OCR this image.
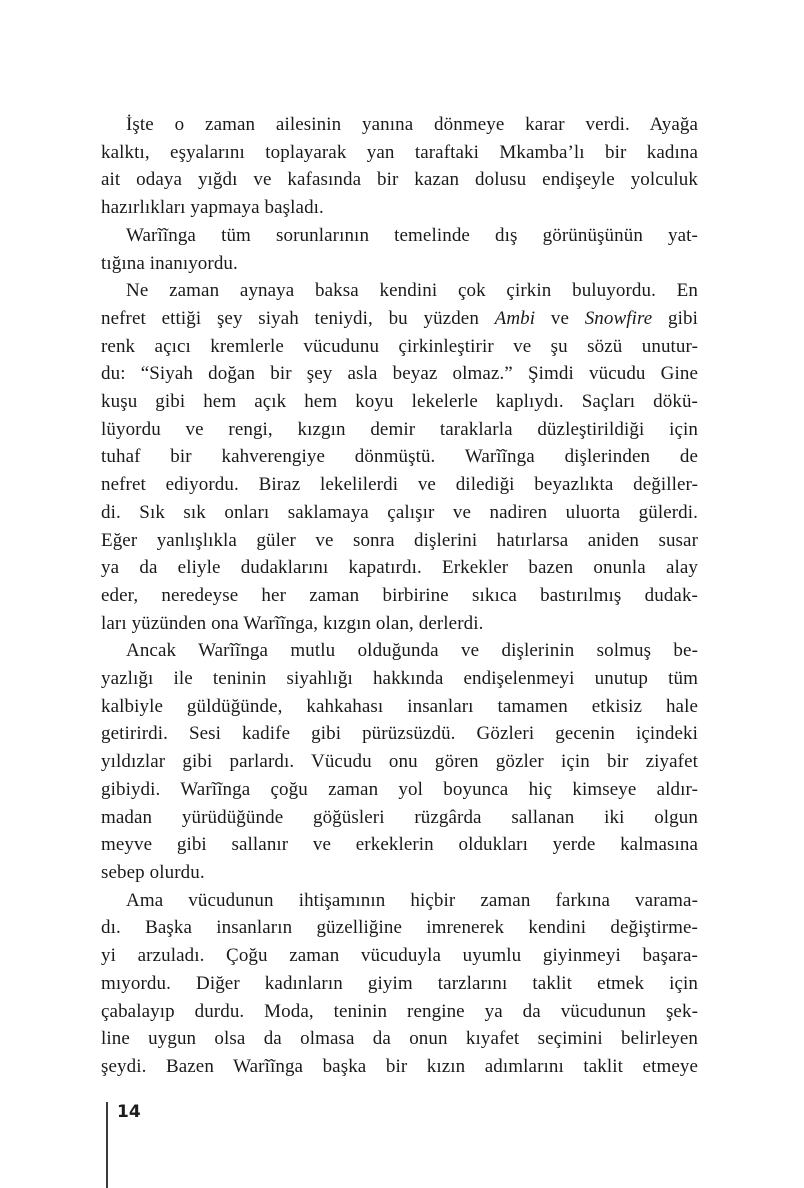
İşte o zaman ailesinin yanına dönmeye karar verdi. Ayağa
kalktı, eşyalarını toplayarak yan taraftaki Mkamba’lı bir kadına
ait odaya yığdı ve kafasında bir kazan dolusu endişeyle yolculuk
hazırlıkları yapmaya başladı.

Warĩĩnga tüm sorunlarının temelinde dış görünüşünün yat-
tığına inanıyordu.

Ne zaman aynaya baksa kendini çok çirkin buluyordu. En
nefret ettiği şey siyah teniydi, bu yüzden Ambi ve Snowfire gibi
renk açıcı kremlerle vücudunu çirkinleştirir ve şu sözü unutur-
du: “Siyah doğan bir şey asla beyaz olmaz.” Şimdi vücudu Gine
kuşu gibi hem açık hem koyu lekelerle kaplıydı. Saçları dökü-
lüyordu ve rengi, kızgın demir taraklarla düzleştirildiği için
tuhaf bir kahverengiye dönmüştü. Warĩĩnga dişlerinden de
nefret ediyordu. Biraz lekelilerdi ve dilediği beyazlıkta değiller-
di. Sık sık onları saklamaya çalışır ve nadiren uluorta gülerdi.
Eğer yanlışlıkla güler ve sonra dişlerini hatırlarsa aniden susar
ya da eliyle dudaklarını kapatırdı. Erkekler bazen onunla alay
eder, neredeyse her zaman birbirine sıkıca bastırılmış dudak-
ları yüzünden ona Warĩĩnga, kızgın olan, derlerdi.

Ancak Warĩĩnga mutlu olduğunda ve dişlerinin solmuş be-
yazlığı ile teninin siyahlığı hakkında endişelenmeyi unutup tüm
kalbiyle güldüğünde, kahkahası insanları tamamen etkisiz hale
getirirdi. Sesi kadife gibi pürüzsüzdü. Gözleri gecenin içindeki
yıldızlar gibi parlardı. Vücudu onu gören gözler için bir ziyafet
gibiydi. Warĩĩnga çoğu zaman yol boyunca hiç kimseye aldır-
madan yürüdüğünde göğüsleri rüzgârda sallanan iki olgun
meyve gibi sallanır ve erkeklerin oldukları yerde kalmasına
sebep olurdu.

Ama vücudunun ihtişamının hiçbir zaman farkına varama-
dı. Başka insanların güzelliğine imrenerek kendini değiştirme-
yi arzuladı. Çoğu zaman vücuduyla uyumlu giyinmeyi başara-
mıyordu. Diğer kadınların giyim tarzlarını taklit etmek için
çabalayıp durdu. Moda, teninin rengine ya da vücudunun şek-
line uygun olsa da olmasa da onun kıyafet seçimini belirleyen
şeydi. Bazen Warĩĩnga başka bir kızın adımlarını taklit etmeye

14
